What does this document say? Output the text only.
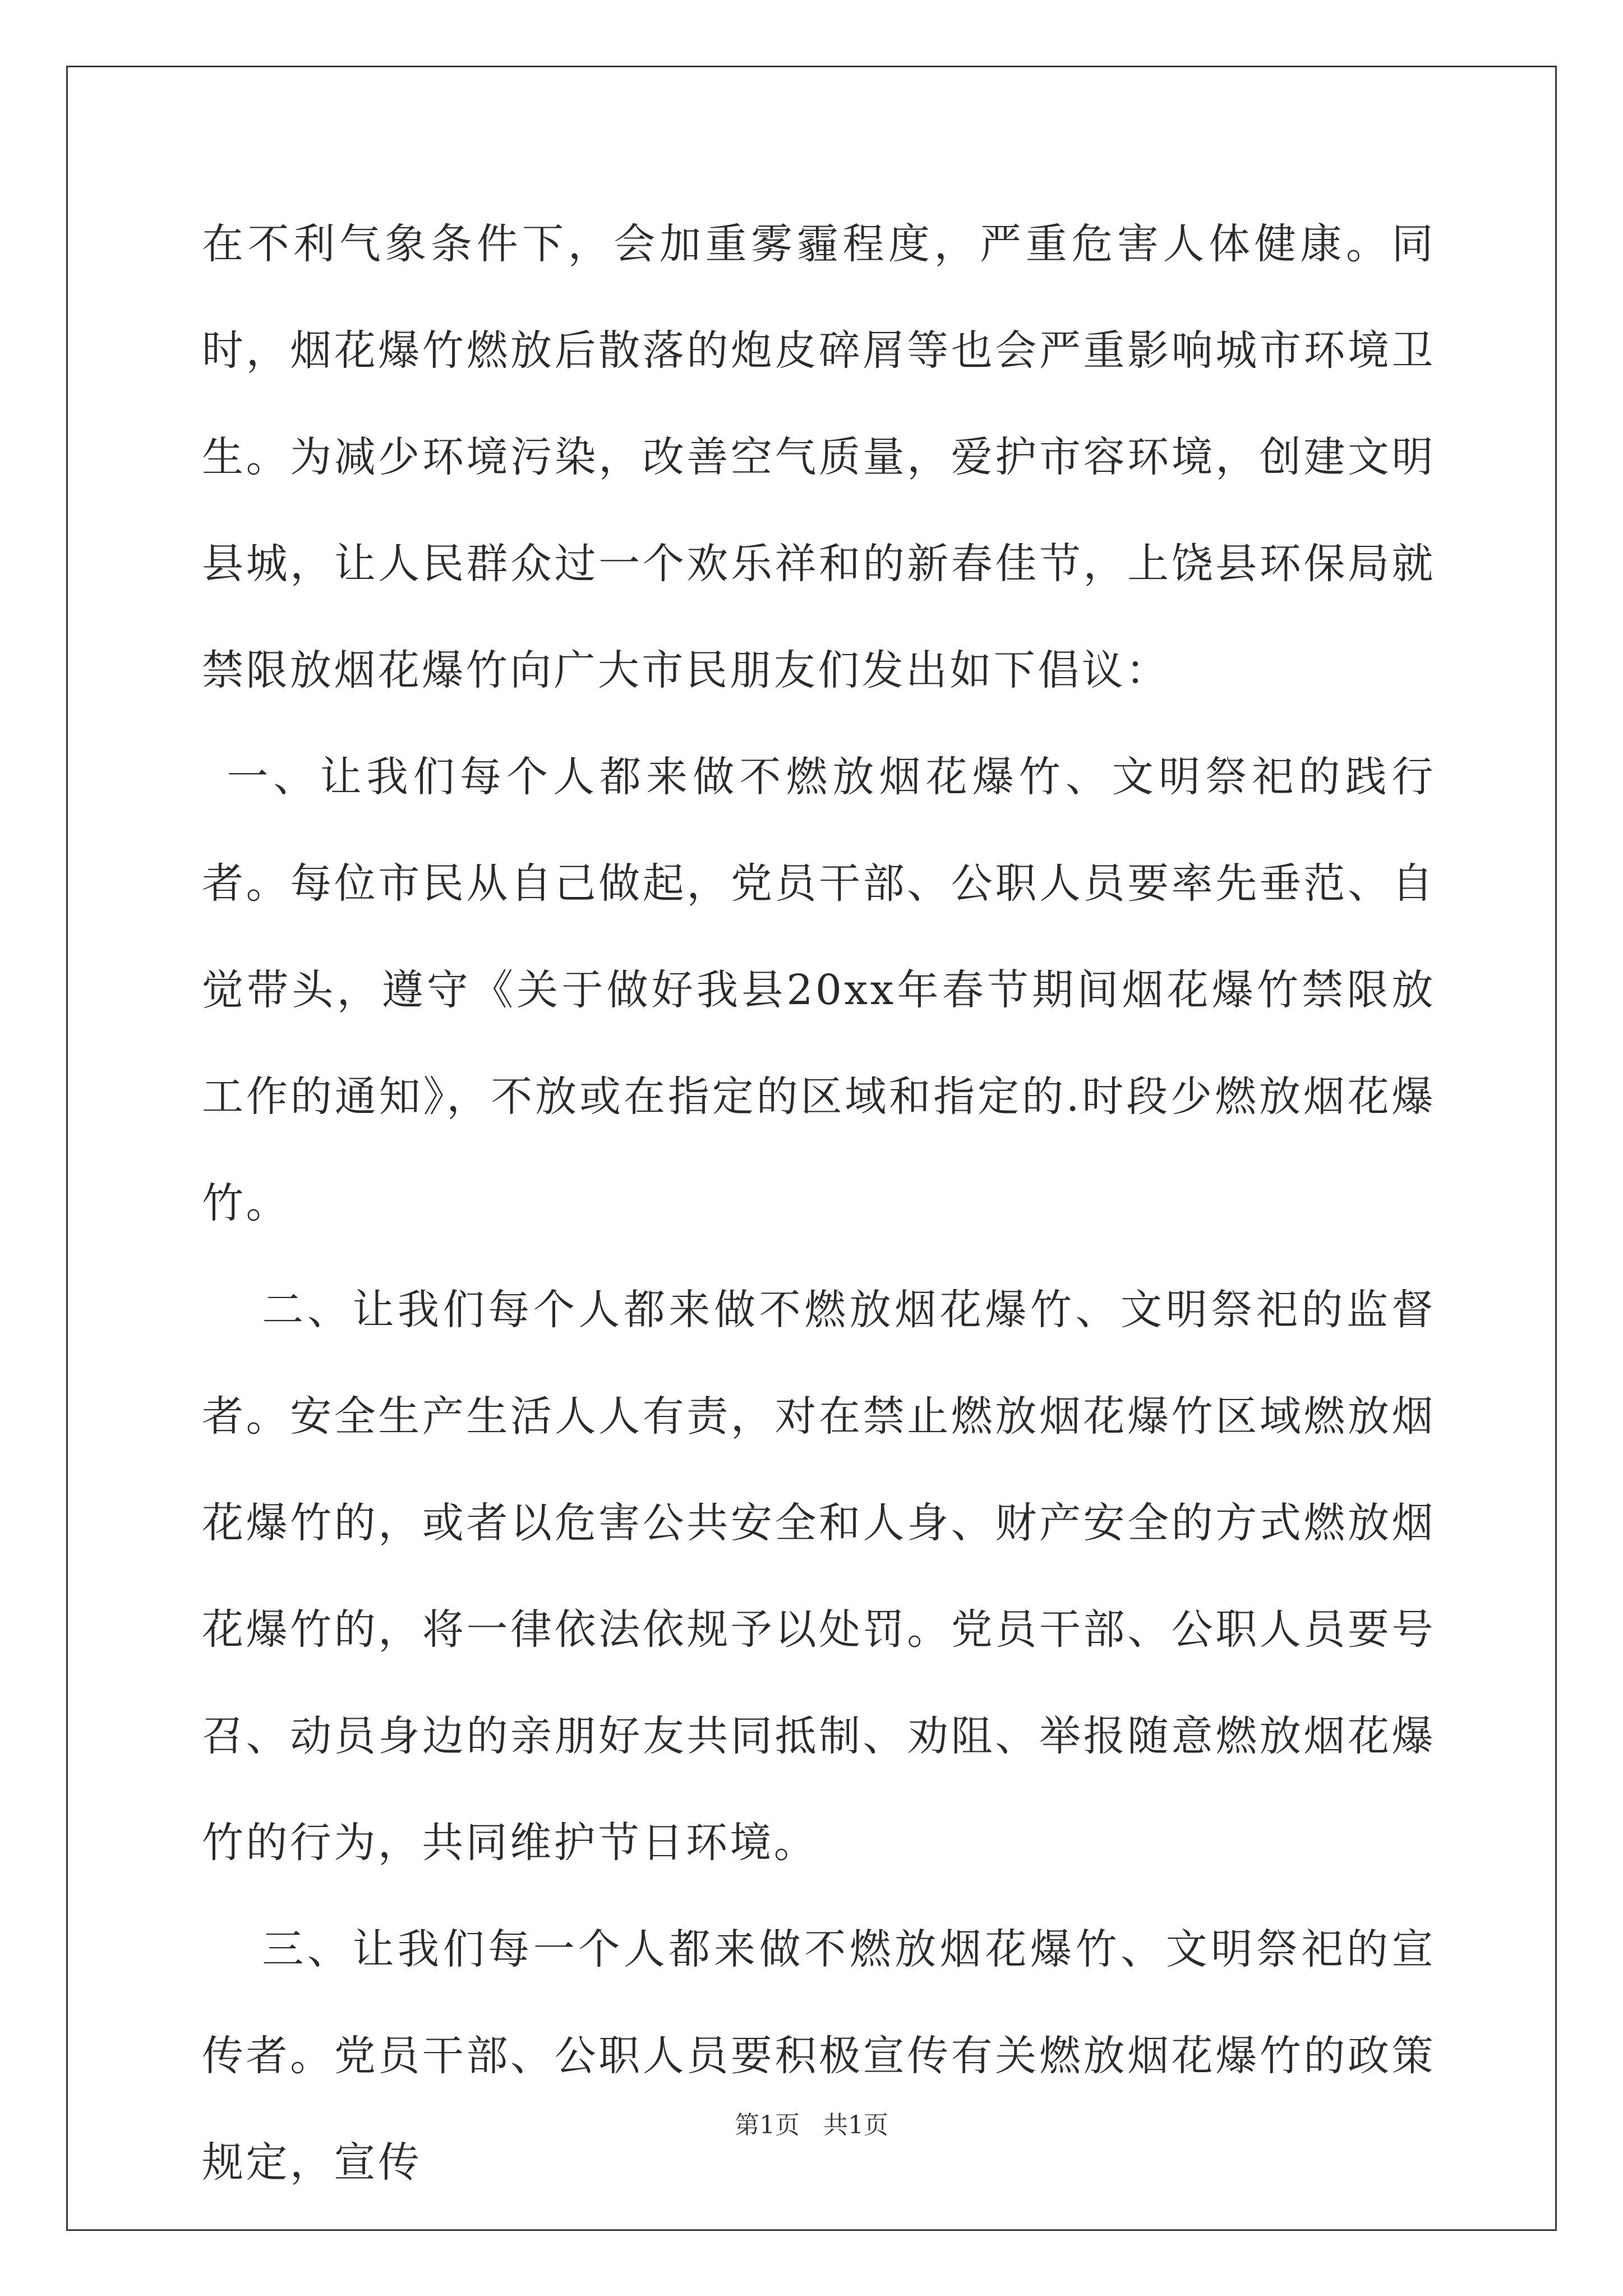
在不利气象条件下，会加重雾霾程度，严重危害人体健康。同时，烟花爆竹燃放后散落的炮皮碎屑等也会严重影响城市环境卫生。为减少环境污染，改善空气质量，爱护市容环境，创建文明县城，让人民群众过一个欢乐祥和的新春佳节，上饶县环保局就禁限放烟花爆竹向广大市民朋友们发出如下倡议：

一、让我们每个人都来做不燃放烟花爆竹、文明祭祀的践行者。每位市民从自己做起，党员干部、公职人员要率先垂范、自觉带头，遵守《关于做好我县20xx年春节期间烟花爆竹禁限放工作的通知》，不放或在指定的区域和指定的.时段少燃放烟花爆竹。

二、让我们每个人都来做不燃放烟花爆竹、文明祭祀的监督者。安全生产生活人人有责，对在禁止燃放烟花爆竹区域燃放烟花爆竹的，或者以危害公共安全和人身、财产安全的方式燃放烟花爆竹的，将一律依法依规予以处罚。党员干部、公职人员要号召、动员身边的亲朋好友共同抵制、劝阻、举报随意燃放烟花爆竹的行为，共同维护节日环境。

三、让我们每一个人都来做不燃放烟花爆竹、文明祭祀的宣传者。党员干部、公职人员要积极宣传有关燃放烟花爆竹的政策规定，宣传

第1页   共1页
